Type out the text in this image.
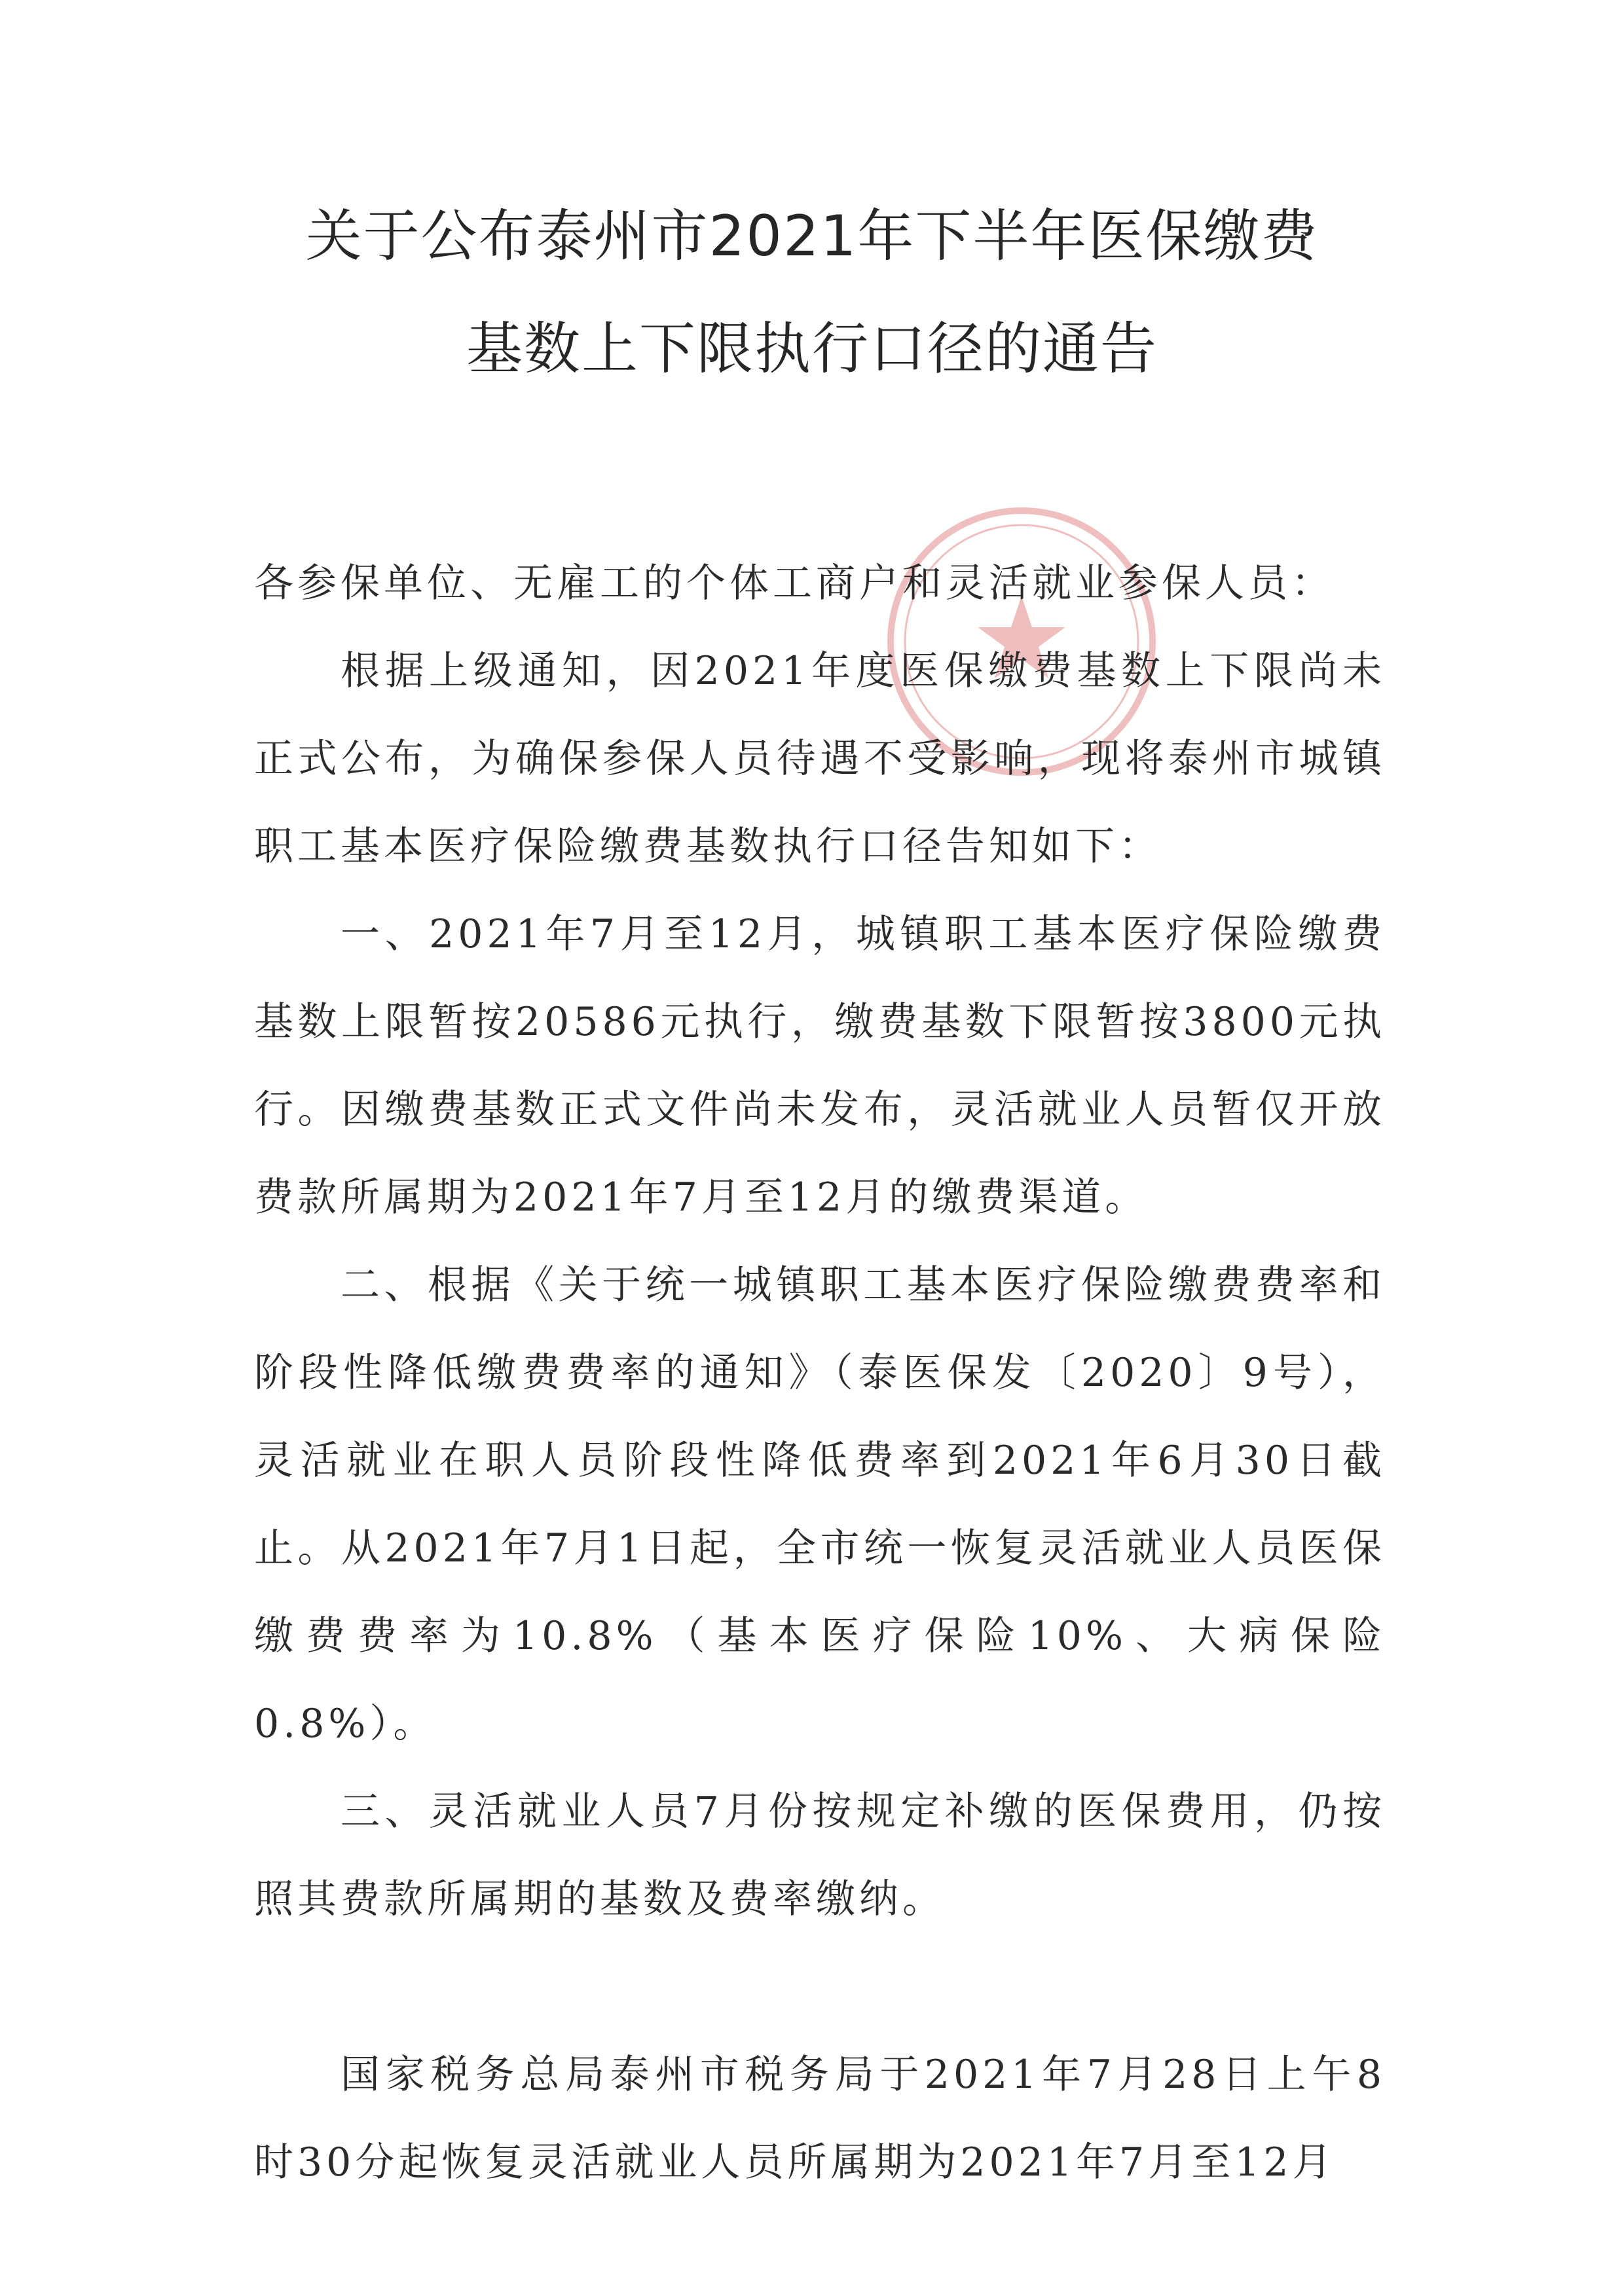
关于公布泰州市2021年下半年医保缴费
基数上下限执行口径的通告

各参保单位、无雇工的个体工商户和灵活就业参保人员：

根据上级通知，因2021年度医保缴费基数上下限尚未正式公布，为确保参保人员待遇不受影响，现将泰州市城镇职工基本医疗保险缴费基数执行口径告知如下：

一、2021年7月至12月，城镇职工基本医疗保险缴费基数上限暂按20586元执行，缴费基数下限暂按3800元执行。因缴费基数正式文件尚未发布，灵活就业人员暂仅开放费款所属期为2021年7月至12月的缴费渠道。

二、根据《关于统一城镇职工基本医疗保险缴费费率和阶段性降低缴费费率的通知》（泰医保发〔2020〕9号），灵活就业在职人员阶段性降低费率到2021年6月30日截止。从2021年7月1日起，全市统一恢复灵活就业人员医保缴费费率为10.8%（基本医疗保险10%、大病保险0.8%）。

三、灵活就业人员7月份按规定补缴的医保费用，仍按照其费款所属期的基数及费率缴纳。

国家税务总局泰州市税务局于2021年7月28日上午8时30分起恢复灵活就业人员所属期为2021年7月至12月
